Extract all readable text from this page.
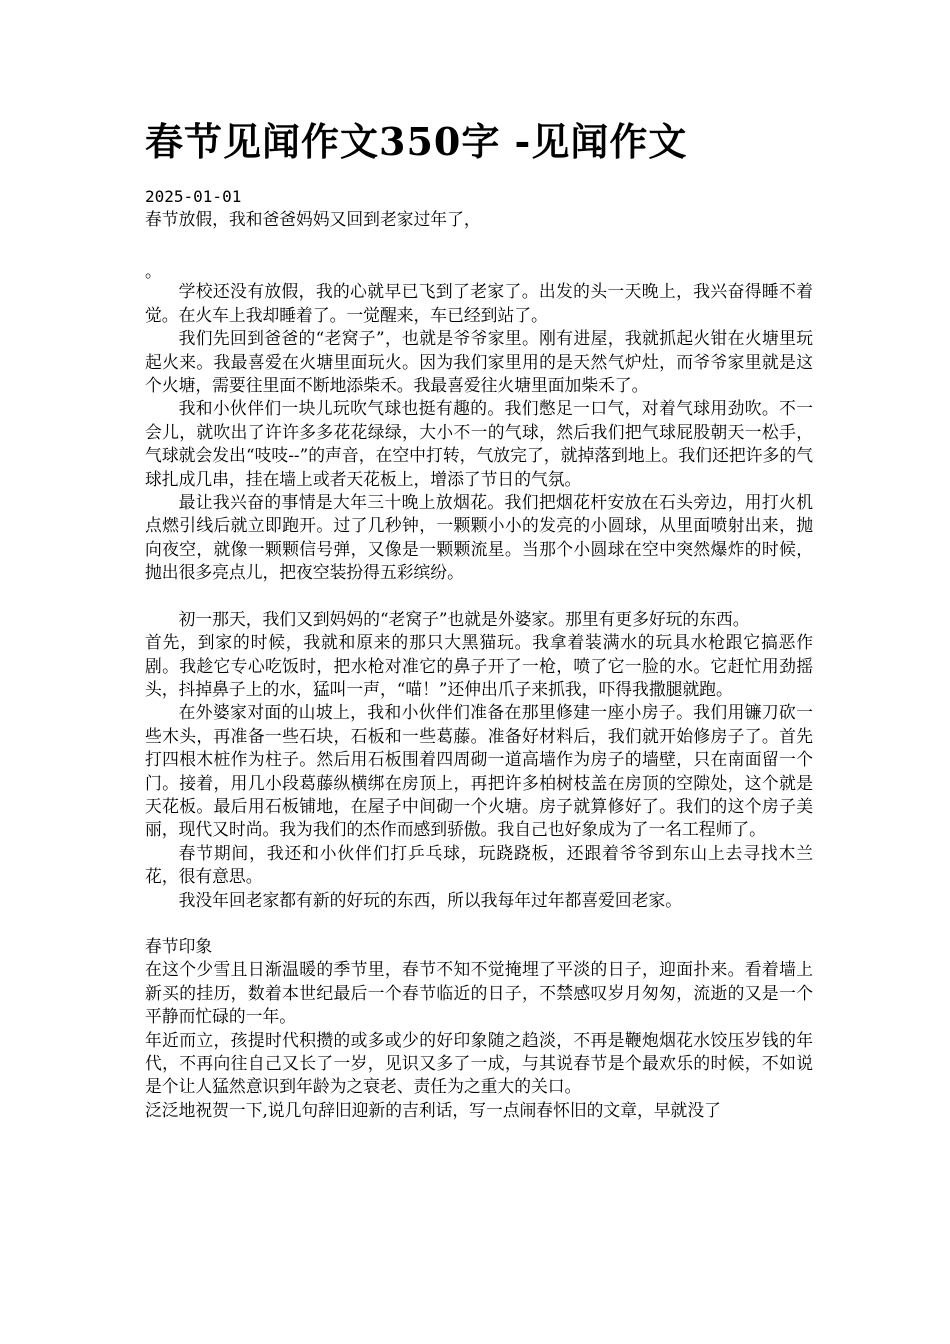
春节见闻作文350字 -见闻作文
2025-01-01

春节放假，我和爸爸妈妈又回到老家过年了，

。

学校还没有放假，我的心就早已飞到了老家了。出发的头一天晚上，我兴奋得睡不着觉。在火车上我却睡着了。一觉醒来，车已经到站了。

我们先回到爸爸的“老窝子”，也就是爷爷家里。刚有进屋，我就抓起火钳在火塘里玩起火来。我最喜爱在火塘里面玩火。因为我们家里用的是天然气炉灶，而爷爷家里就是这个火塘，需要往里面不断地添柴禾。我最喜爱往火塘里面加柴禾了。

我和小伙伴们一块儿玩吹气球也挺有趣的。我们憋足一口气，对着气球用劲吹。不一会儿，就吹出了许许多多花花绿绿，大小不一的气球，然后我们把气球屁股朝天一松手，气球就会发出“吱吱--”的声音，在空中打转，气放完了，就掉落到地上。我们还把许多的气球扎成几串，挂在墙上或者天花板上，增添了节日的气氛。

最让我兴奋的事情是大年三十晚上放烟花。我们把烟花杆安放在石头旁边，用打火机点燃引线后就立即跑开。过了几秒钟，一颗颗小小的发亮的小圆球，从里面喷射出来，抛向夜空，就像一颗颗信号弹，又像是一颗颗流星。当那个小圆球在空中突然爆炸的时候，抛出很多亮点儿，把夜空装扮得五彩缤纷。

初一那天，我们又到妈妈的“老窝子”也就是外婆家。那里有更多好玩的东西。

首先，到家的时候，我就和原来的那只大黑猫玩。我拿着装满水的玩具水枪跟它搞恶作剧。我趁它专心吃饭时，把水枪对准它的鼻子开了一枪，喷了它一脸的水。它赶忙用劲摇头，抖掉鼻子上的水，猛叫一声，“喵！”还伸出爪子来抓我，吓得我撒腿就跑。

在外婆家对面的山坡上，我和小伙伴们准备在那里修建一座小房子。我们用镰刀砍一些木头，再准备一些石块，石板和一些葛藤。准备好材料后，我们就开始修房子了。首先打四根木桩作为柱子。然后用石板围着四周砌一道高墙作为房子的墙壁，只在南面留一个门。接着，用几小段葛藤纵横绑在房顶上，再把许多柏树枝盖在房顶的空隙处，这个就是天花板。最后用石板铺地，在屋子中间砌一个火塘。房子就算修好了。我们的这个房子美丽，现代又时尚。我为我们的杰作而感到骄傲。我自己也好象成为了一名工程师了。

春节期间，我还和小伙伴们打乒乓球，玩跷跷板，还跟着爷爷到东山上去寻找木兰花，很有意思。

我没年回老家都有新的好玩的东西，所以我每年过年都喜爱回老家。

春节印象

在这个少雪且日渐温暖的季节里，春节不知不觉掩埋了平淡的日子，迎面扑来。看着墙上新买的挂历，数着本世纪最后一个春节临近的日子，不禁感叹岁月匆匆，流逝的又是一个平静而忙碌的一年。

年近而立，孩提时代积攒的或多或少的好印象随之趋淡，不再是鞭炮烟花水饺压岁钱的年代，不再向往自己又长了一岁，见识又多了一成，与其说春节是个最欢乐的时候，不如说是个让人猛然意识到年龄为之衰老、责任为之重大的关口。

泛泛地祝贺一下,说几句辞旧迎新的吉利话，写一点闹春怀旧的文章，早就没了
